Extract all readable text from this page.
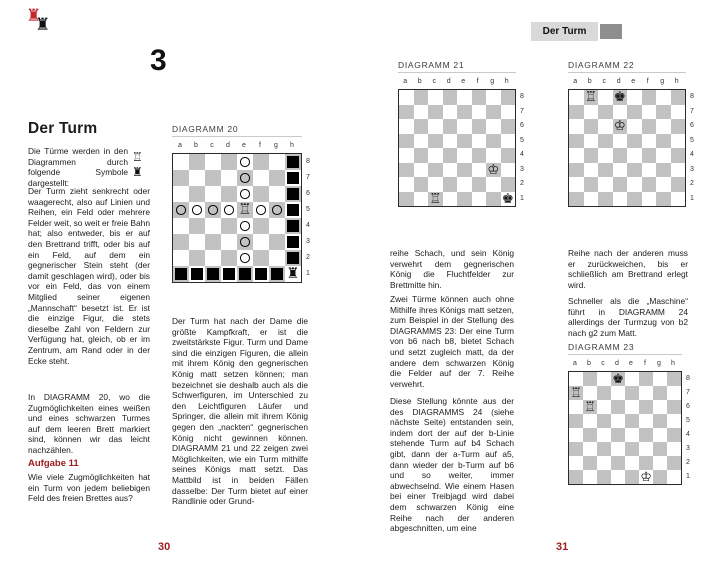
♜
♜
3
Der Turm

Die Türme werden in den Diagrammen durch folgende Symbole dargestellt:

♖
♜

Der Turm zieht senkrecht oder waagerecht, also auf Linien und Reihen, ein Feld oder mehrere Felder weit, so weit er freie Bahn hat; also entweder, bis er auf den Brettrand trifft, oder bis auf ein Feld, auf dem ein gegnerischer Stein steht (der damit geschlagen wird), oder bis vor ein Feld, das von einem Mitglied seiner eigenen „Mannschaft“ besetzt ist. Er ist die einzige Figur, die stets dieselbe Zahl von Feldern zur Verfügung hat, gleich, ob er im Zentrum, am Rand oder in der Ecke steht.

In DIAGRAMM 20, wo die Zugmöglichkeiten eines weißen und eines schwarzen Turmes auf dem leeren Brett markiert sind, können wir das leicht nachzählen.

Aufgabe 11

Wie viele Zugmöglichkeiten hat ein Turm von jedem beliebigen Feld des freien Brettes aus?

DIAGRAMM 20
a	b	c	d	e	f	g	h
♖
♜
8
7
6
5
4
3
2
1

Der Turm hat nach der Dame die größte Kampfkraft, er ist die zweitstärkste Figur. Turm und Dame sind die einzigen Figuren, die allein mit ihrem König den gegnerischen König matt setzen können; man bezeichnet sie deshalb auch als die Schwerfiguren, im Unterschied zu den Leichtfiguren Läufer und Springer, die allein mit ihrem König gegen den „nackten“ gegnerischen König nicht gewinnen können. DIAGRAMM 21 und 22 zeigen zwei Möglichkeiten, wie ein Turm mithilfe seines Königs matt setzt. Das Mattbild ist in beiden Fällen dasselbe: Der Turm bietet auf einer Randlinie oder Grund-

30
Der Turm
DIAGRAMM 21
a	b	c	d	e	f	g	h
♔
♖	♚
8
7
6
5
4
3
2
1
DIAGRAMM 22
a	b	c	d	e	f	g	h
♖
♔
♚	8
7
6
5
4
3
2
1

reihe Schach, und sein König verwehrt dem gegnerischen König die Fluchtfelder zur Brettmitte hin.

Zwei Türme können auch ohne Mithilfe ihres Königs matt setzen, zum Beispiel in der Stellung des DIAGRAMMS 23: Der eine Turm von b6 nach b8, bietet Schach und setzt zugleich matt, da der andere dem schwarzen König die Felder auf der 7. Reihe verwehrt.

Diese Stellung könnte aus der des DIAGRAMMS 24 (siehe nächste Seite) entstanden sein, indem dort der auf der b-Linie stehende Turm auf b4 Schach gibt, dann der a-Turm auf a5, dann wieder der b-Turm auf b6 und so weiter, immer abwechselnd. Wie einem Hasen bei einer Treibjagd wird dabei dem schwarzen König eine Reihe nach der anderen abgeschnitten, um eine

Reihe nach der anderen muss er zurückweichen, bis er schließlich am Brettrand erlegt wird.

Schneller als die „Maschine“ führt in DIAGRAMM 24 allerdings der Turmzug von b2 nach g2 zum Matt.

DIAGRAMM 23
a	b	c	d	e	f	g	h
♖
♖
♔
♚	8
7
6
5
4
3
2
1
31
